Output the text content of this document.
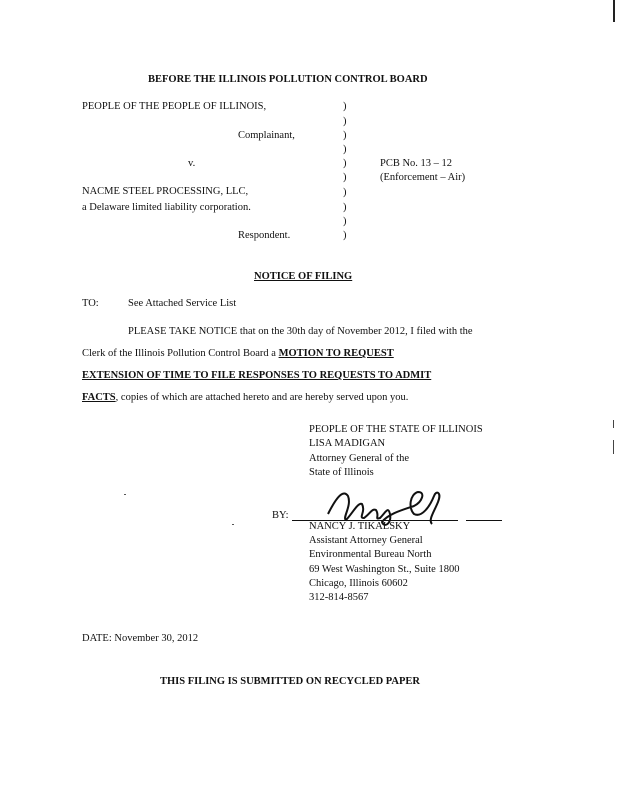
BEFORE THE ILLINOIS POLLUTION CONTROL BOARD
PEOPLE OF THE PEOPLE OF ILLINOIS,
Complainant,
v.
NACME STEEL PROCESSING, LLC,
a Delaware limited liability corporation.
Respondent.
)
)
)
)
)
)
)
)
)
)
PCB No. 13 – 12
(Enforcement – Air)
NOTICE OF FILING
TO:	See Attached Service List
PLEASE TAKE NOTICE that on the 30th day of November 2012, I filed with the
Clerk of the Illinois Pollution Control Board a MOTION TO REQUEST
EXTENSION OF TIME TO FILE RESPONSES TO REQUESTS TO ADMIT
FACTS, copies of which are attached hereto and are hereby served upon you.
PEOPLE OF THE STATE OF ILLINOIS
LISA MADIGAN
Attorney General of the
State of Illinois
BY:
NANCY J. TIKALSKY
Assistant Attorney General
Environmental Bureau North
69 West Washington St., Suite 1800
Chicago, Illinois 60602
312-814-8567
DATE: November 30, 2012
THIS FILING IS SUBMITTED ON RECYCLED PAPER
